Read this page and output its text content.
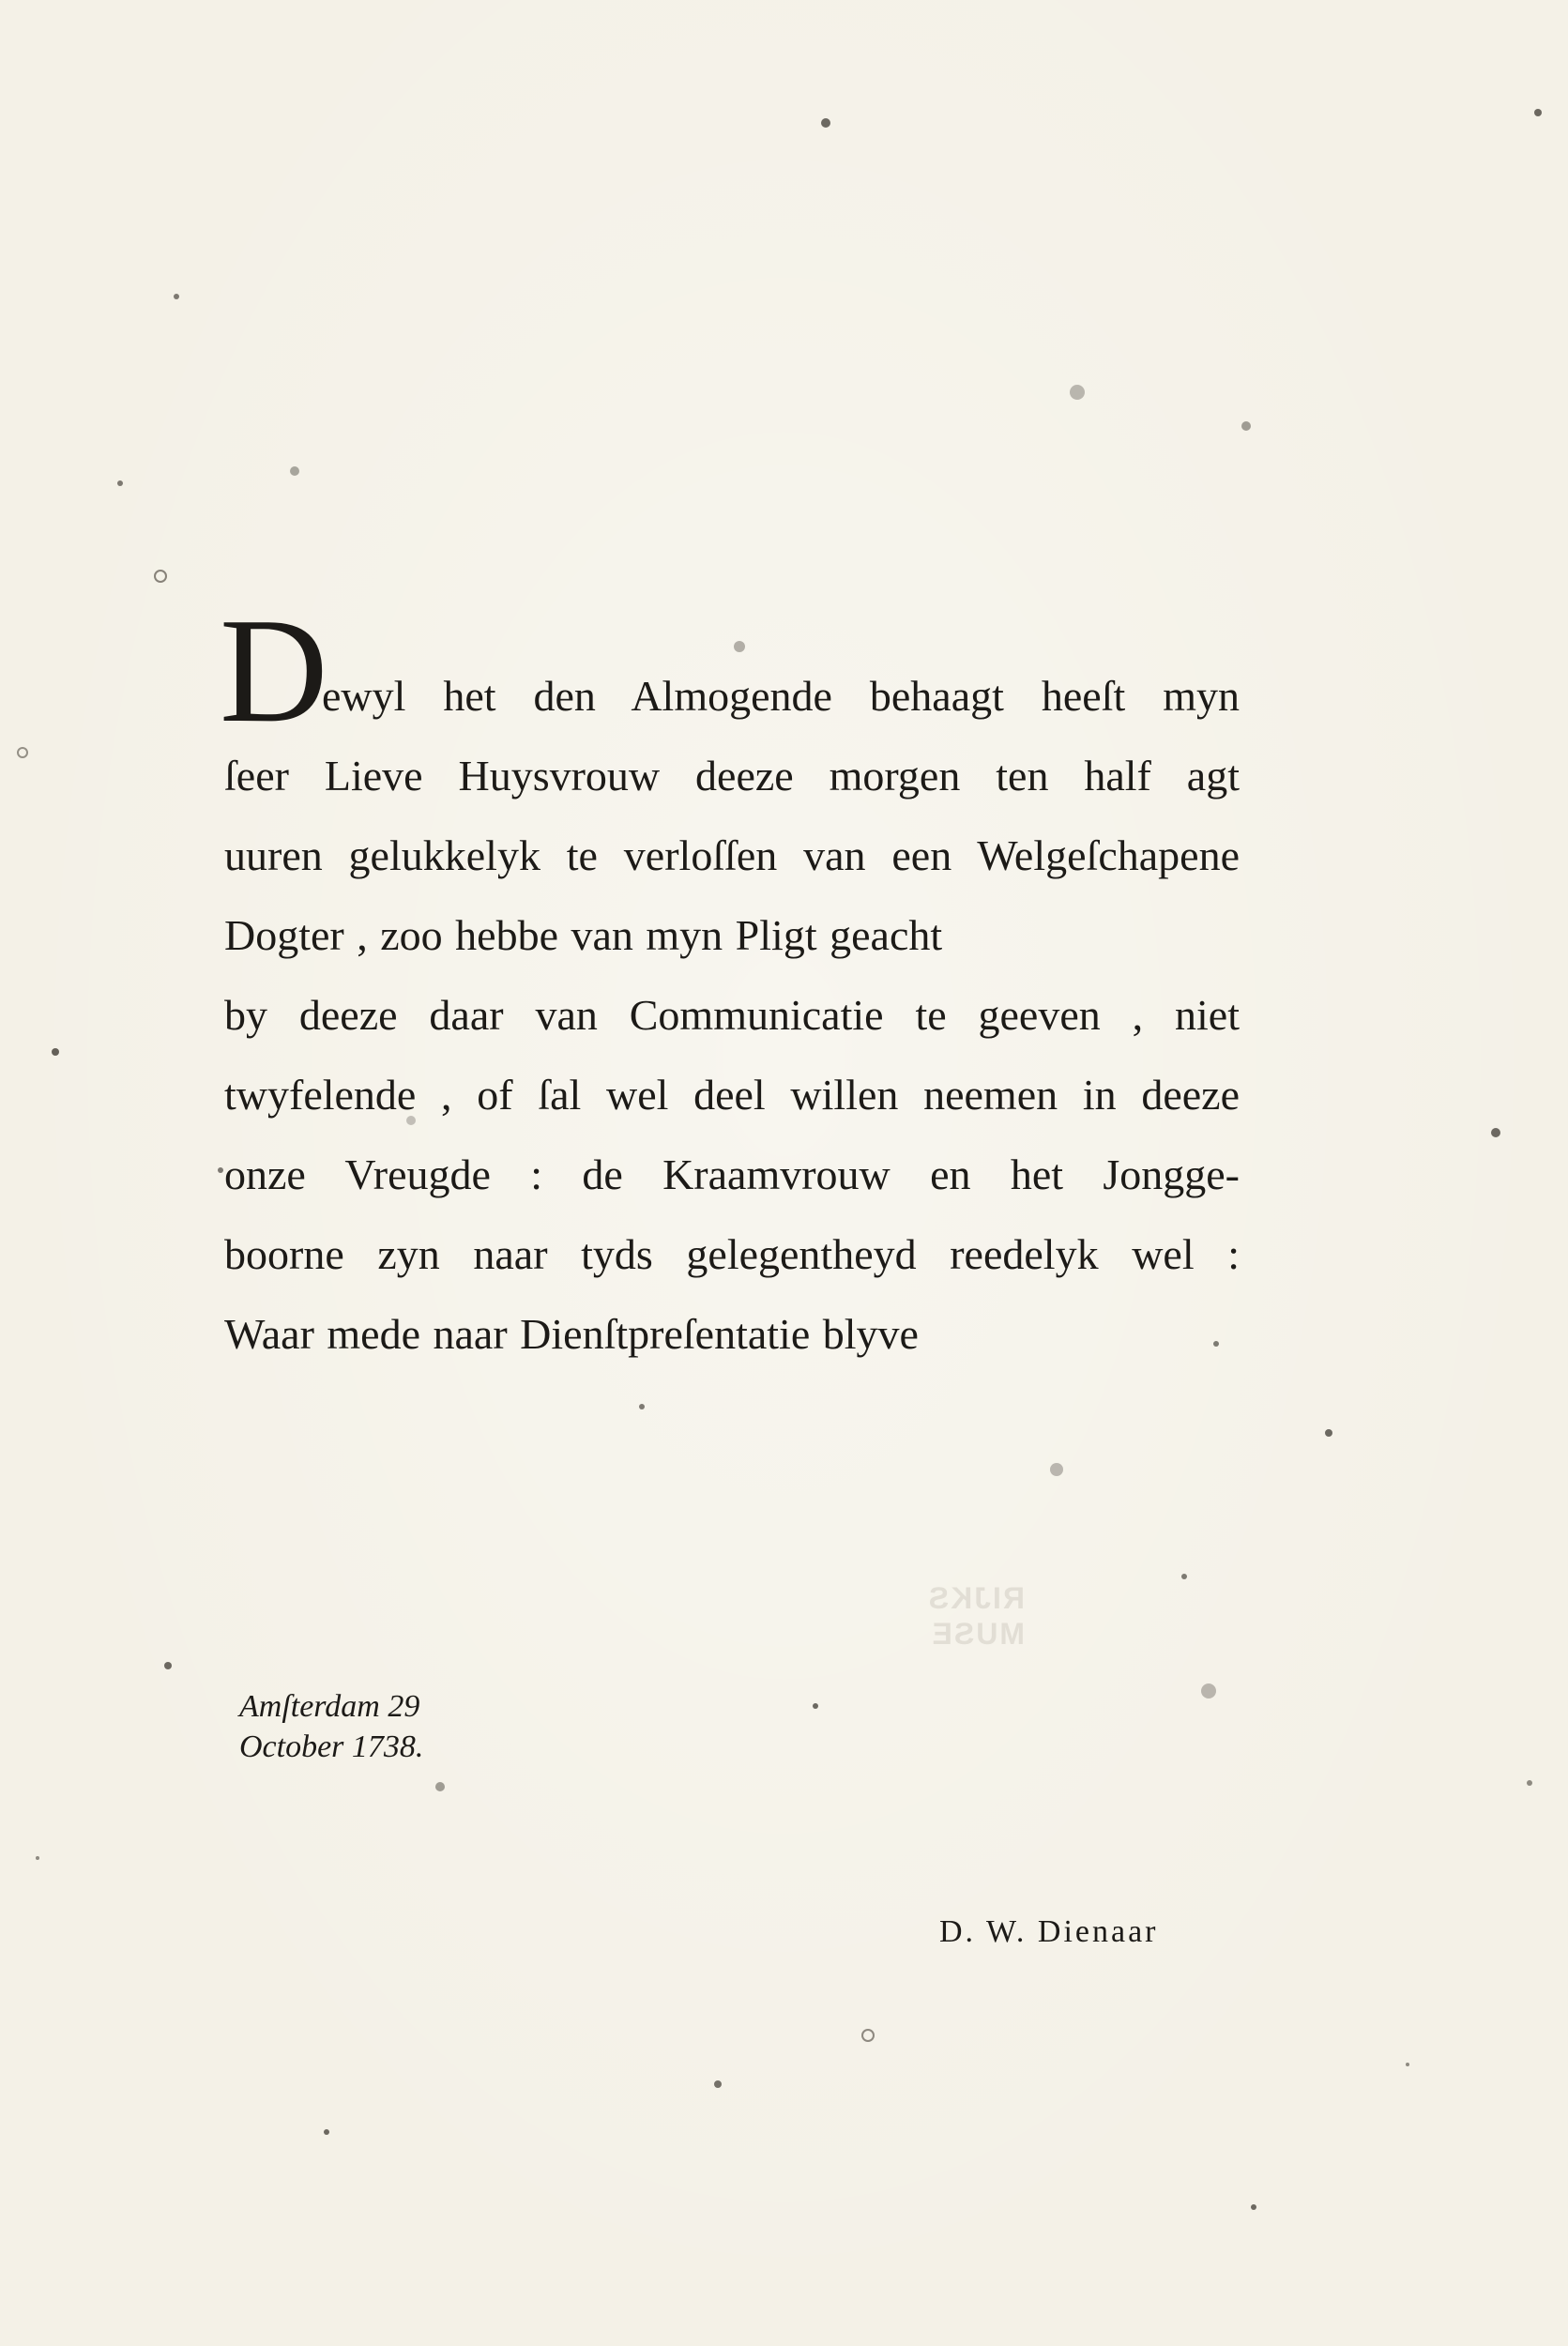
RIJKS
MUSE
D
ewyl het den Almogende behaagt heeſt myn
ſeer Lieve Huysvrouw deeze morgen ten half agt
uuren gelukkelyk te verloſſen van een Welgeſchapene
Dogter , zoo hebbe van myn Pligt geacht
by deeze daar van Communicatie te geeven , niet
twyfelende , of ſal wel deel willen neemen in deeze
onze Vreugde : de Kraamvrouw en het Jongge-
boorne zyn naar tyds gelegentheyd reedelyk wel :
Waar mede naar Dienſtpreſentatie blyve
Amſterdam 29
October 1738.
D. W. Dienaar
